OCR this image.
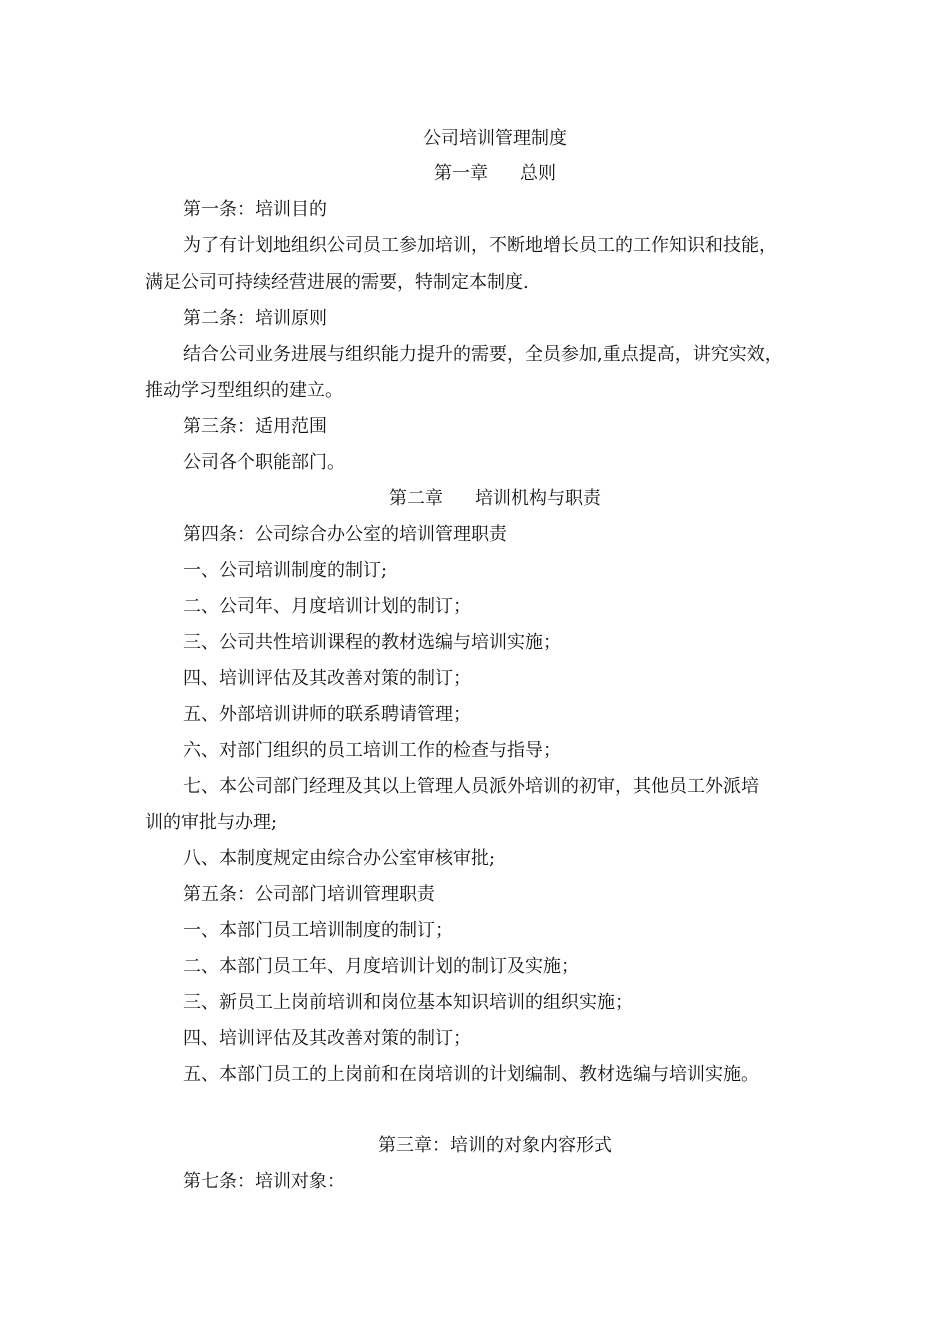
公司培训管理制度
第一章 总则
第一条：培训目的
为了有计划地组织公司员工参加培训，不断地增长员工的工作知识和技能，
满足公司可持续经营进展的需要，特制定本制度.
第二条：培训原则
结合公司业务进展与组织能力提升的需要，全员参加,重点提高，讲究实效，
推动学习型组织的建立。
第三条：适用范围
公司各个职能部门。
第二章 培训机构与职责
第四条：公司综合办公室的培训管理职责
一、公司培训制度的制订;
二、公司年、月度培训计划的制订；
三、公司共性培训课程的教材选编与培训实施；
四、培训评估及其改善对策的制订；
五、外部培训讲师的联系聘请管理；
六、对部门组织的员工培训工作的检查与指导；
七、本公司部门经理及其以上管理人员派外培训的初审，其他员工外派培
训的审批与办理;
八、本制度规定由综合办公室审核审批;
第五条：公司部门培训管理职责
一、本部门员工培训制度的制订；
二、本部门员工年、月度培训计划的制订及实施；
三、新员工上岗前培训和岗位基本知识培训的组织实施；
四、培训评估及其改善对策的制订；
五、本部门员工的上岗前和在岗培训的计划编制、教材选编与培训实施。
第三章：培训的对象内容形式
第七条：培训对象：
